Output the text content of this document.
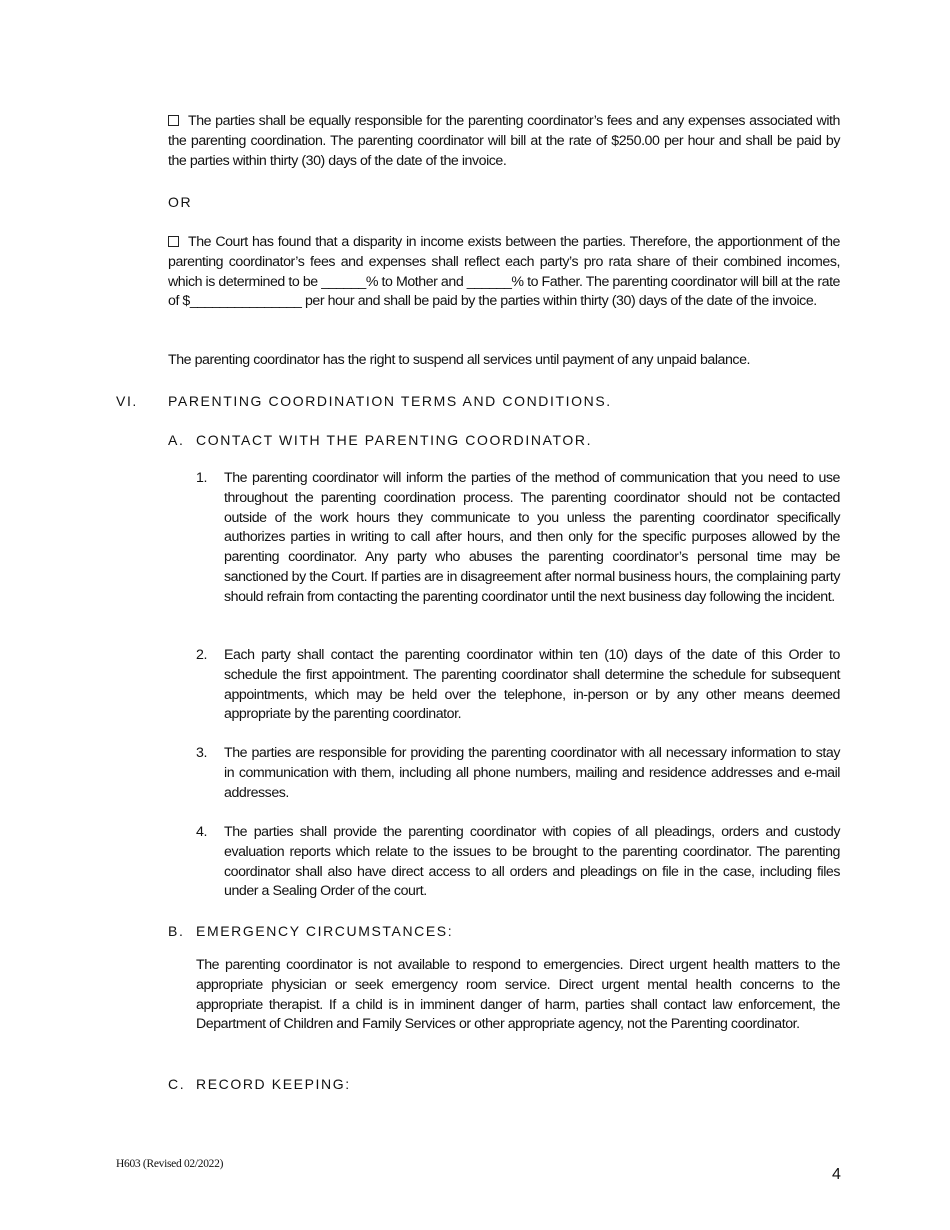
The parties shall be equally responsible for the parenting coordinator’s fees and any expenses associated with the parenting coordination. The parenting coordinator will bill at the rate of $250.00 per hour and shall be paid by the parties within thirty (30) days of the date of the invoice.

OR

The Court has found that a disparity in income exists between the parties. Therefore, the apportionment of the parenting coordinator’s fees and expenses shall reflect each party’s pro rata share of their combined incomes, which is determined to be ______% to Mother and ______% to Father. The parenting coordinator will bill at the rate of $_______________ per hour and shall be paid by the parties within thirty (30) days of the date of the invoice.

The parenting coordinator has the right to suspend all services until payment of any unpaid balance.

VI. PARENTING COORDINATION TERMS AND CONDITIONS.

A. CONTACT WITH THE PARENTING COORDINATOR.

1. The parenting coordinator will inform the parties of the method of communication that you need to use throughout the parenting coordination process. The parenting coordinator should not be contacted outside of the work hours they communicate to you unless the parenting coordinator specifically authorizes parties in writing to call after hours, and then only for the specific purposes allowed by the parenting coordinator. Any party who abuses the parenting coordinator’s personal time may be sanctioned by the Court. If parties are in disagreement after normal business hours, the complaining party should refrain from contacting the parenting coordinator until the next business day following the incident.

2. Each party shall contact the parenting coordinator within ten (10) days of the date of this Order to schedule the first appointment. The parenting coordinator shall determine the schedule for subsequent appointments, which may be held over the telephone, in-person or by any other means deemed appropriate by the parenting coordinator.

3. The parties are responsible for providing the parenting coordinator with all necessary information to stay in communication with them, including all phone numbers, mailing and residence addresses and e-mail addresses.

4. The parties shall provide the parenting coordinator with copies of all pleadings, orders and custody evaluation reports which relate to the issues to be brought to the parenting coordinator. The parenting coordinator shall also have direct access to all orders and pleadings on file in the case, including files under a Sealing Order of the court.

B. EMERGENCY CIRCUMSTANCES:

The parenting coordinator is not available to respond to emergencies. Direct urgent health matters to the appropriate physician or seek emergency room service. Direct urgent mental health concerns to the appropriate therapist. If a child is in imminent danger of harm, parties shall contact law enforcement, the Department of Children and Family Services or other appropriate agency, not the Parenting coordinator.

C. RECORD KEEPING:

H603 (Revised 02/2022)
4
